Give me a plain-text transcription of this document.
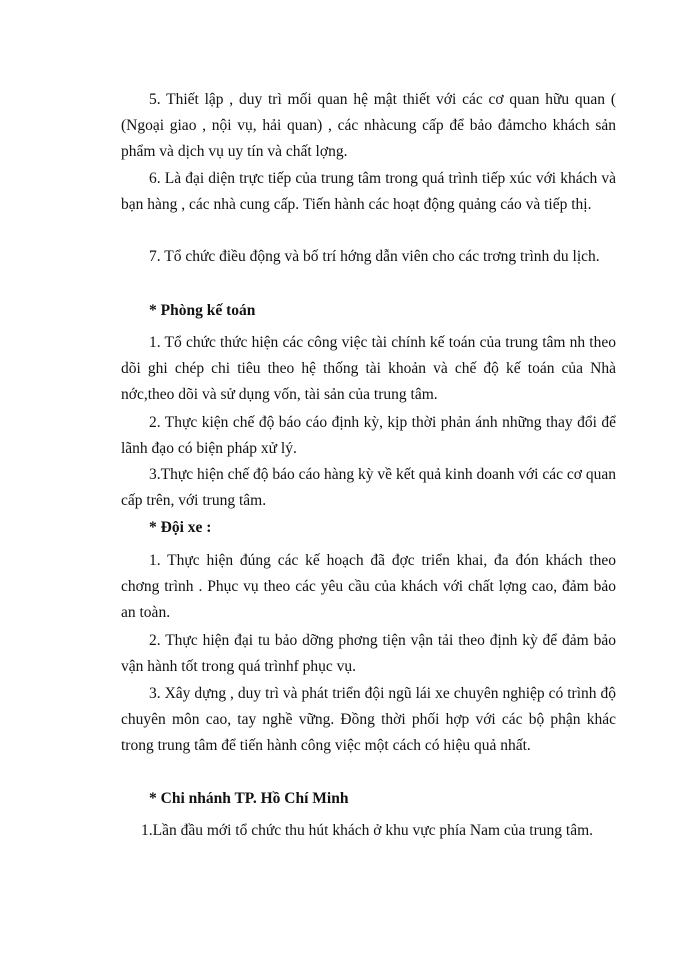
5. Thiết lập , duy trì mối quan hệ mật thiết với các cơ quan hữu quan ( (Ngoại giao , nội vụ, hải quan) , các nhàcung cấp để bảo đảmcho khách sản phẩm và dịch vụ uy tín và chất lợng.

6. Là đại diện trực tiếp của trung tâm trong quá trình tiếp xúc với khách và bạn hàng , các nhà cung cấp. Tiến hành các hoạt động quảng cáo và tiếp thị.

7. Tổ chức điều động và bố trí hớng dẫn viên cho các trơng trình du lịch.

* Phòng kế toán

1. Tổ chức thức hiện các công việc tài chính kế toán của trung tâm nh theo dõi ghi chép chi tiêu theo hệ thống tài khoản và chế độ kế toán của Nhà nớc,theo dõi và sử dụng vốn, tài sản của trung tâm.

2. Thực kiện chế độ báo cáo định kỳ, kịp thời phản ánh những thay đổi để lãnh đạo có biện pháp xử lý.

3.Thực hiện chế độ báo cáo hàng kỳ về kết quả kinh doanh với các cơ quan cấp trên, với trung tâm.

* Đội xe :

1. Thực hiện đúng các kế hoạch đã đợc triển khai, đa đón khách theo chơng trình . Phục vụ theo các yêu cầu của khách với chất lợng cao, đảm bảo an toàn.

2. Thực hiện đại tu bảo dỡng phơng tiện vận tải theo định kỳ để đảm bảo vận hành tốt trong quá trìnhf phục vụ.

3. Xây dựng , duy trì và phát triển đội ngũ lái xe chuyên nghiệp có trình độ chuyên môn cao, tay nghề vững. Đồng thời phối hợp với các bộ phận khác trong trung tâm để tiến hành công việc một cách có hiệu quả nhất.

* Chi nhánh TP. Hồ Chí Minh

1.Lần đầu mới tổ chức thu hút khách ở khu vực phía Nam của trung tâm.
